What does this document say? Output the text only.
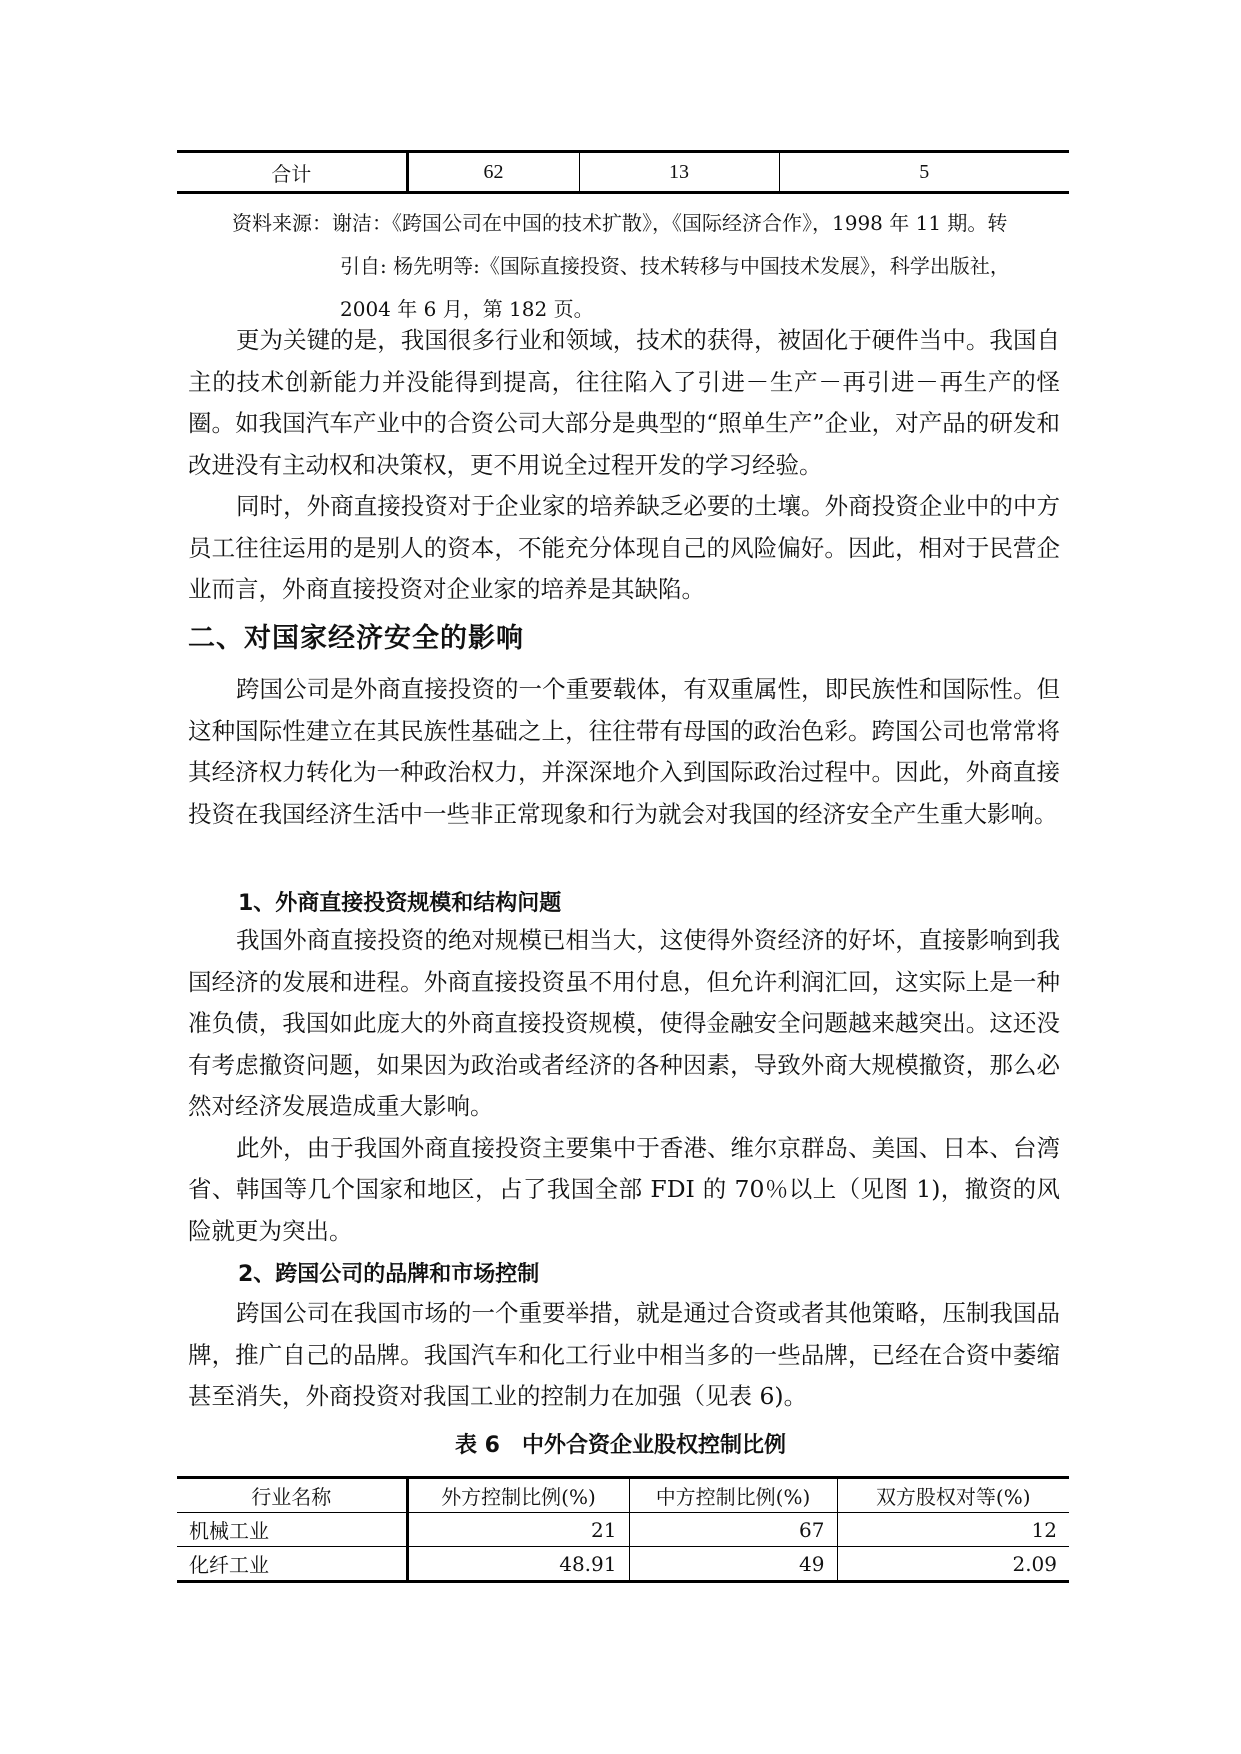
合计	62	13	5
资料来源：谢洁：《跨国公司在中国的技术扩散》，《国际经济合作》，1998 年 11 期。转
引自: 杨先明等:《国际直接投资、技术转移与中国技术发展》，科学出版社，
2004 年 6 月，第 182 页。

更为关键的是，我国很多行业和领域，技术的获得，被固化于硬件当中。我国自主的技术创新能力并没能得到提高，往往陷入了引进－生产－再引进－再生产的怪圈。如我国汽车产业中的合资公司大部分是典型的“照单生产”企业，对产品的研发和改进没有主动权和决策权，更不用说全过程开发的学习经验。

同时，外商直接投资对于企业家的培养缺乏必要的土壤。外商投资企业中的中方员工往往运用的是别人的资本，不能充分体现自己的风险偏好。因此，相对于民营企业而言，外商直接投资对企业家的培养是其缺陷。

二、对国家经济安全的影响

跨国公司是外商直接投资的一个重要载体，有双重属性，即民族性和国际性。但这种国际性建立在其民族性基础之上，往往带有母国的政治色彩。跨国公司也常常将其经济权力转化为一种政治权力，并深深地介入到国际政治过程中。因此，外商直接投资在我国经济生活中一些非正常现象和行为就会对我国的经济安全产生重大影响。

1、外商直接投资规模和结构问题

我国外商直接投资的绝对规模已相当大，这使得外资经济的好坏，直接影响到我国经济的发展和进程。外商直接投资虽不用付息，但允许利润汇回，这实际上是一种准负债，我国如此庞大的外商直接投资规模，使得金融安全问题越来越突出。这还没有考虑撤资问题，如果因为政治或者经济的各种因素，导致外商大规模撤资，那么必然对经济发展造成重大影响。

此外，由于我国外商直接投资主要集中于香港、维尔京群岛、美国、日本、台湾省、韩国等几个国家和地区，占了我国全部 FDI 的 70％以上（见图 1)，撤资的风险就更为突出。

2、跨国公司的品牌和市场控制

跨国公司在我国市场的一个重要举措，就是通过合资或者其他策略，压制我国品牌，推广自己的品牌。我国汽车和化工行业中相当多的一些品牌，已经在合资中萎缩甚至消失，外商投资对我国工业的控制力在加强（见表 6)。

表 6　中外合资企业股权控制比例
行业名称	外方控制比例(%)	中方控制比例(%)	双方股权对等(%)
机械工业	21	67	12
化纤工业	48.91	49	2.09
